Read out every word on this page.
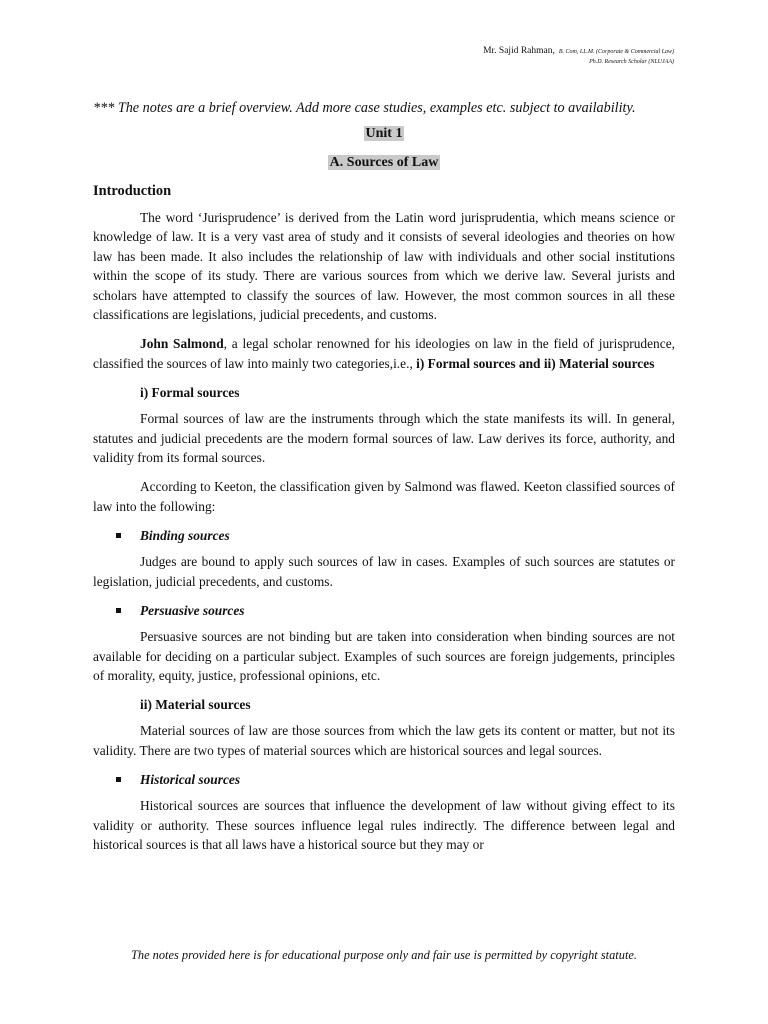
Mr. Sajid Rahman, B. Com, LL.M. (Corporate & Commercial Law)
Ph.D. Research Scholar (NLUJAA)
*** The notes are a brief overview. Add more case studies, examples etc. subject to availability.
Unit 1
A. Sources of Law
Introduction

The word ‘Jurisprudence’ is derived from the Latin word jurisprudentia, which means science or knowledge of law. It is a very vast area of study and it consists of several ideologies and theories on how law has been made. It also includes the relationship of law with individuals and other social institutions within the scope of its study. There are various sources from which we derive law. Several jurists and scholars have attempted to classify the sources of law. However, the most common sources in all these classifications are legislations, judicial precedents, and customs.

John Salmond, a legal scholar renowned for his ideologies on law in the field of jurisprudence, classified the sources of law into mainly two categories,i.e., i) Formal sources and ii) Material sources

i) Formal sources

Formal sources of law are the instruments through which the state manifests its will. In general, statutes and judicial precedents are the modern formal sources of law. Law derives its force, authority, and validity from its formal sources.

According to Keeton, the classification given by Salmond was flawed. Keeton classified sources of law into the following:

Binding sources

Judges are bound to apply such sources of law in cases. Examples of such sources are statutes or legislation, judicial precedents, and customs.

Persuasive sources

Persuasive sources are not binding but are taken into consideration when binding sources are not available for deciding on a particular subject. Examples of such sources are foreign judgements, principles of morality, equity, justice, professional opinions, etc.

ii) Material sources

Material sources of law are those sources from which the law gets its content or matter, but not its validity. There are two types of material sources which are historical sources and legal sources.

Historical sources

Historical sources are sources that influence the development of law without giving effect to its validity or authority. These sources influence legal rules indirectly. The difference between legal and historical sources is that all laws have a historical source but they may or

The notes provided here is for educational purpose only and fair use is permitted by copyright statute.
